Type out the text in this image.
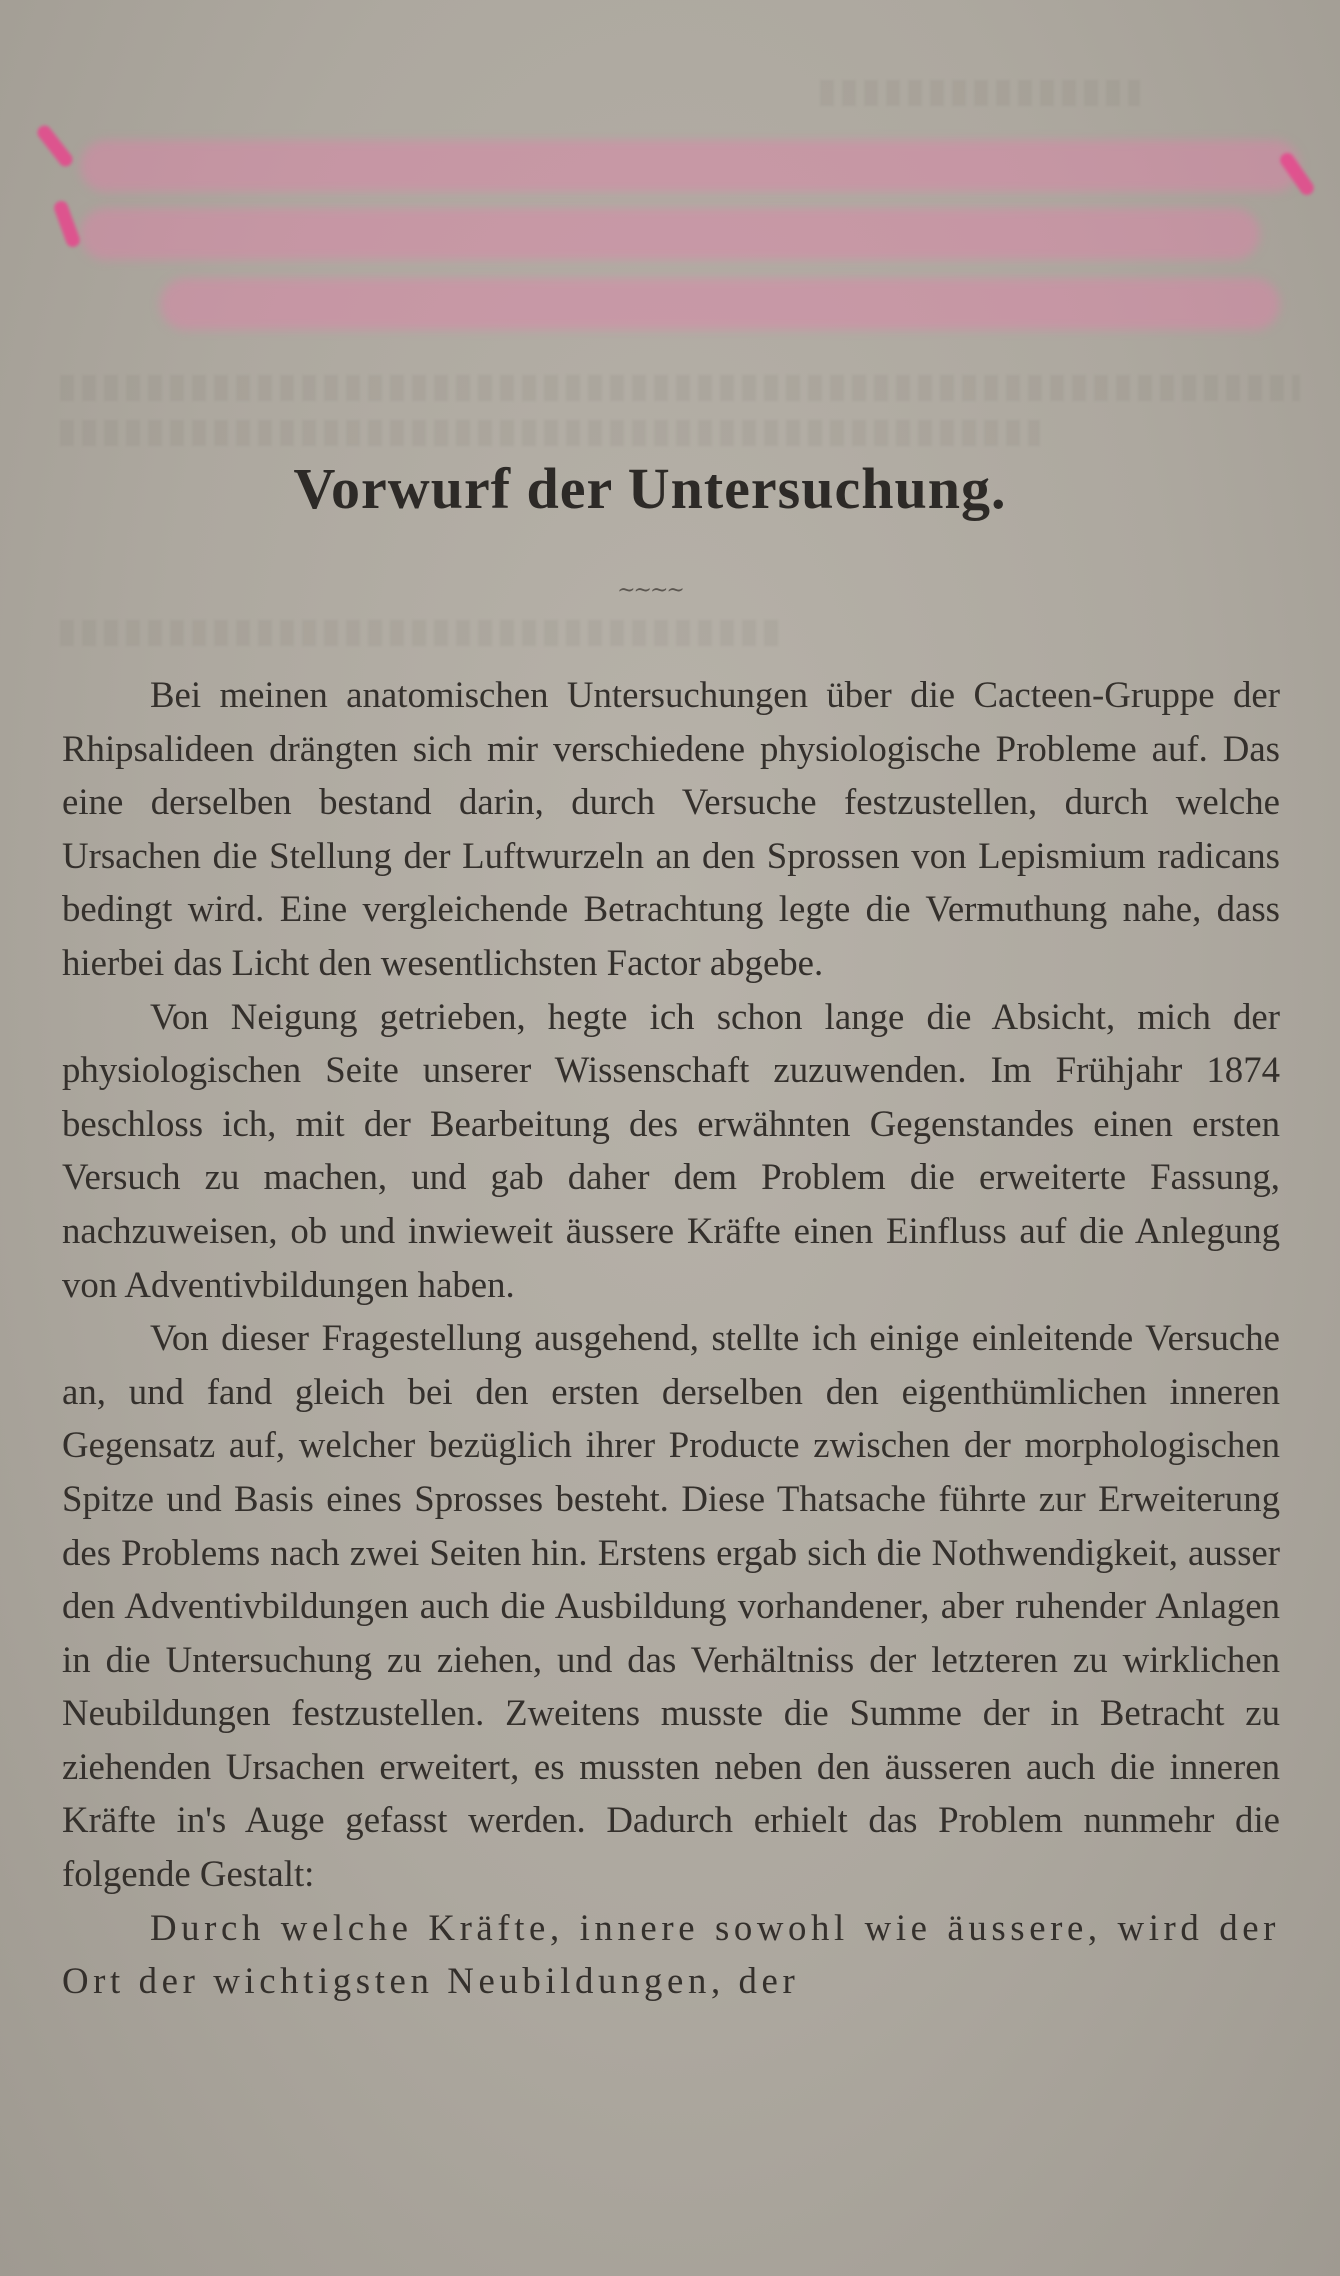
Vorwurf der Untersuchung.
~~~~

Bei meinen anatomischen Untersuchungen über die Cacteen-Gruppe der Rhipsalideen drängten sich mir verschiedene physiologische Probleme auf. Das eine derselben bestand darin, durch Versuche festzustellen, durch welche Ursachen die Stellung der Luftwurzeln an den Sprossen von Lepismium radicans bedingt wird. Eine vergleichende Betrachtung legte die Vermuthung nahe, dass hierbei das Licht den wesentlichsten Factor abgebe.

Von Neigung getrieben, hegte ich schon lange die Absicht, mich der physiologischen Seite unserer Wissenschaft zuzuwenden. Im Frühjahr 1874 beschloss ich, mit der Bearbeitung des erwähnten Gegenstandes einen ersten Versuch zu machen, und gab daher dem Problem die erweiterte Fassung, nachzuweisen, ob und inwieweit äussere Kräfte einen Einfluss auf die Anlegung von Adventivbildungen haben.

Von dieser Fragestellung ausgehend, stellte ich einige einleitende Versuche an, und fand gleich bei den ersten derselben den eigenthümlichen inneren Gegensatz auf, welcher bezüglich ihrer Producte zwischen der morphologischen Spitze und Basis eines Sprosses besteht. Diese Thatsache führte zur Erweiterung des Problems nach zwei Seiten hin. Erstens ergab sich die Nothwendigkeit, ausser den Adventivbildungen auch die Ausbildung vorhandener, aber ruhender Anlagen in die Untersuchung zu ziehen, und das Verhältniss der letzteren zu wirklichen Neubildungen festzustellen. Zweitens musste die Summe der in Betracht zu ziehenden Ursachen erweitert, es mussten neben den äusseren auch die inneren Kräfte in's Auge gefasst werden. Dadurch erhielt das Problem nunmehr die folgende Gestalt:

Durch welche Kräfte, innere sowohl wie äussere, wird der Ort der wichtigsten Neubildungen, der
